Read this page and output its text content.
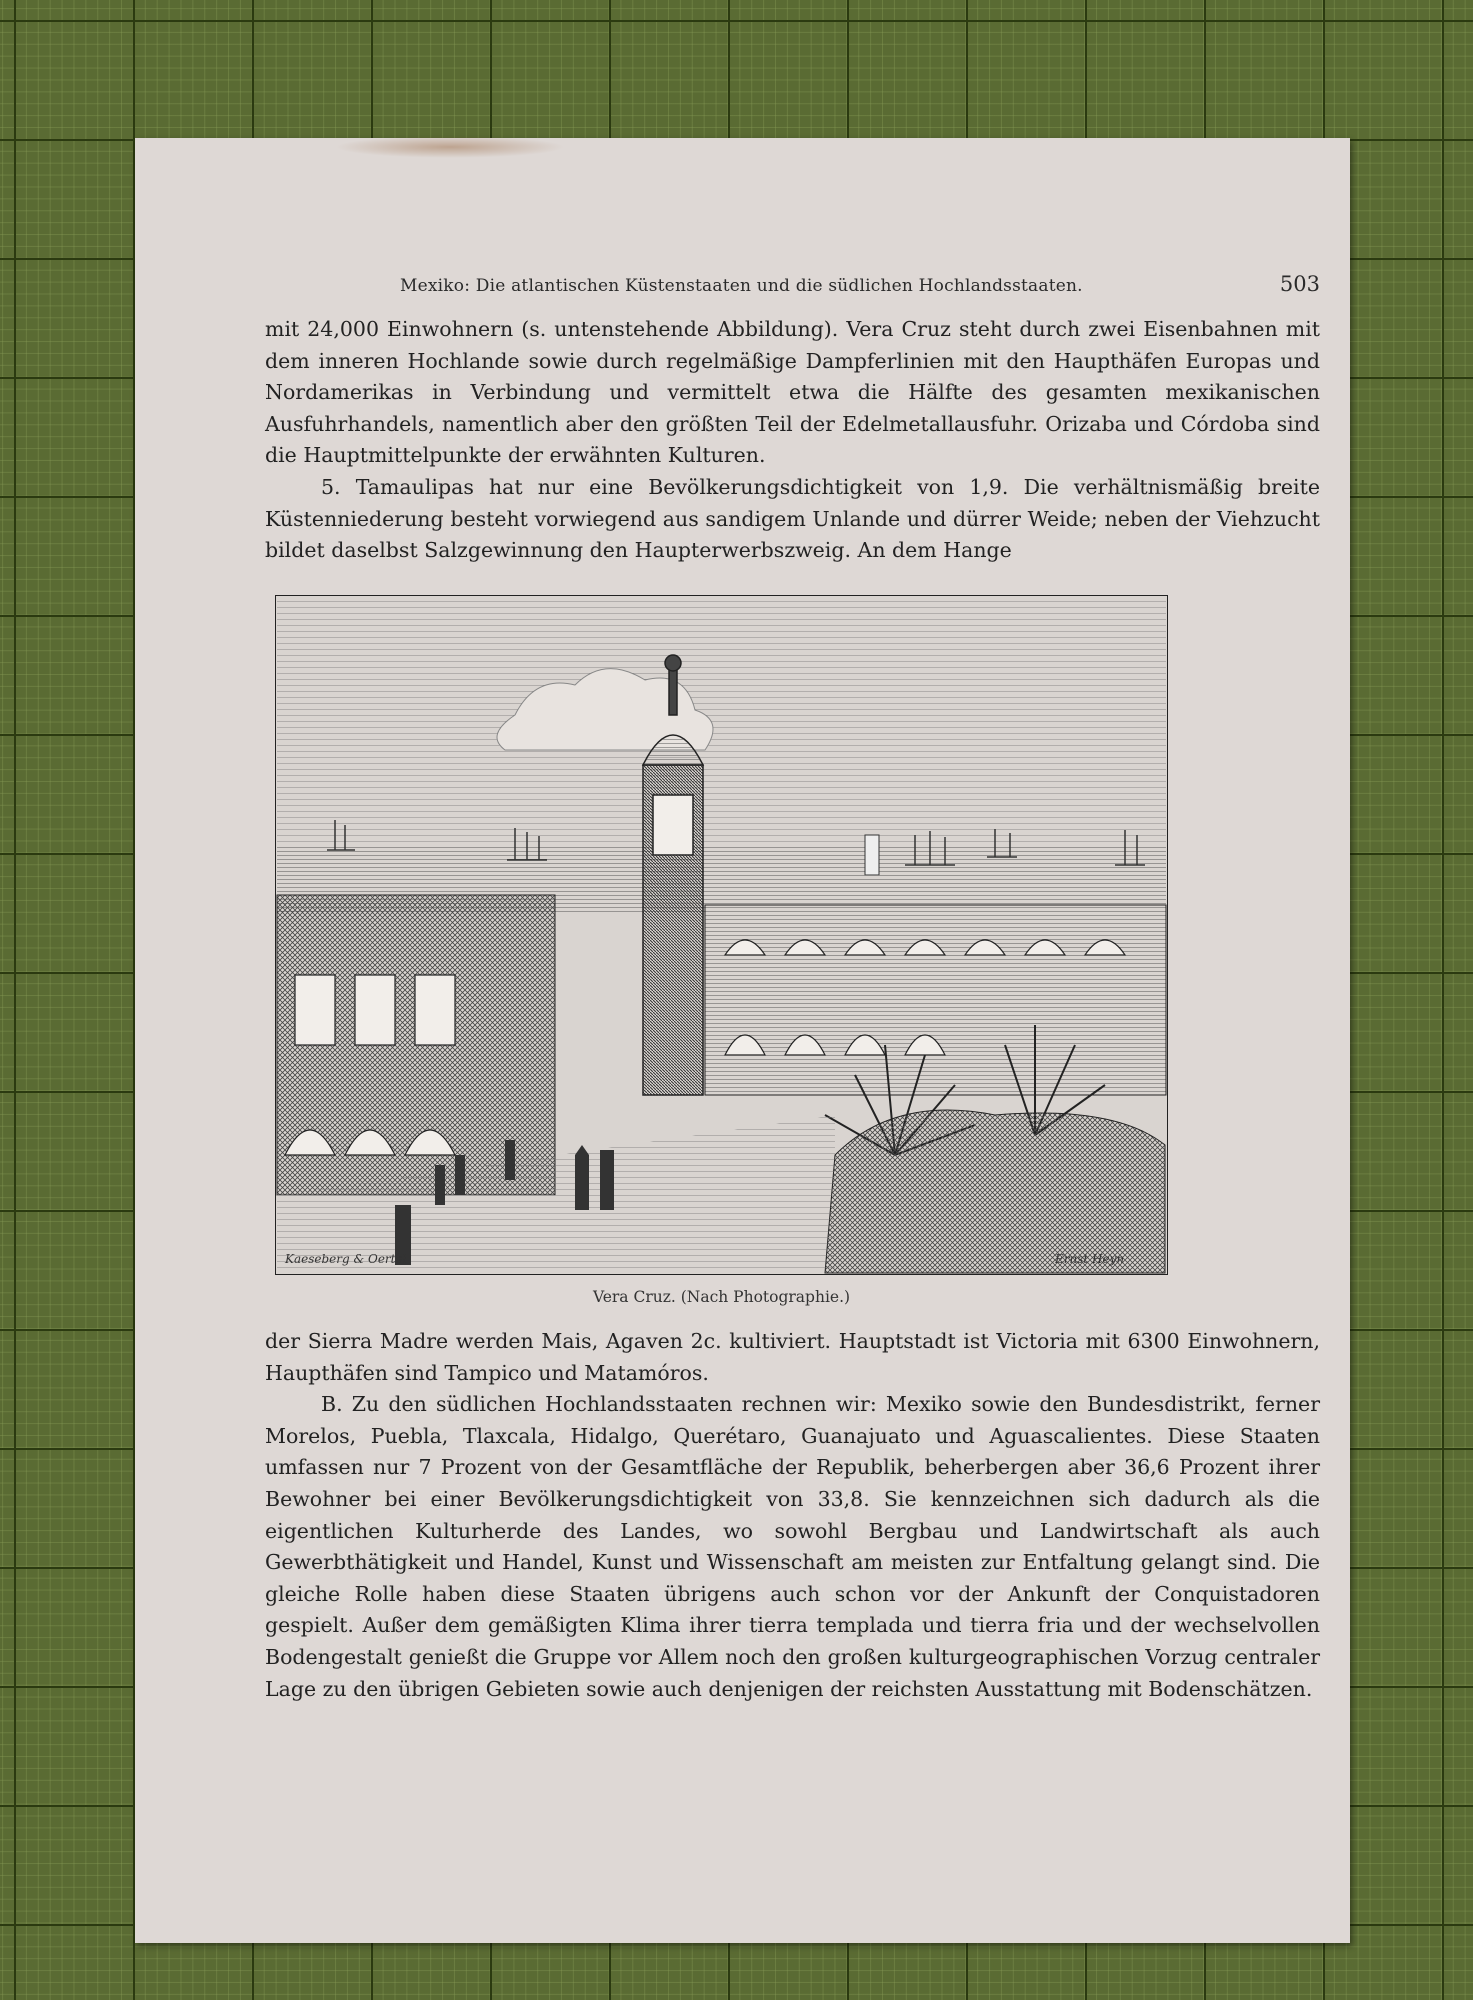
Mexiko: Die atlantischen Küstenstaaten und die südlichen Hochlandsstaaten.	503

mit 24,000 Einwohnern (s. untenstehende Abbildung). Vera Cruz steht durch zwei Eisenbahnen mit dem inneren Hochlande sowie durch regelmäßige Dampferlinien mit den Haupthäfen Europas und Nordamerikas in Verbindung und vermittelt etwa die Hälfte des gesamten mexikanischen Ausfuhrhandels, namentlich aber den größten Teil der Edelmetallausfuhr. Orizaba und Córdoba sind die Hauptmittelpunkte der erwähnten Kulturen.

5. Tamaulipas hat nur eine Bevölkerungsdichtigkeit von 1,9. Die verhältnismäßig breite Küstenniederung besteht vorwiegend aus sandigem Unlande und dürrer Weide; neben der Viehzucht bildet daselbst Salzgewinnung den Haupterwerbszweig. An dem Hange

Kaeseberg & Oertel	Ernst Heyn
Vera Cruz. (Nach Photographie.)

der Sierra Madre werden Mais, Agaven 2c. kultiviert. Hauptstadt ist Victoria mit 6300 Einwohnern, Haupthäfen sind Tampico und Matamóros.

B. Zu den südlichen Hochlandsstaaten rechnen wir: Mexiko sowie den Bundesdistrikt, ferner Morelos, Puebla, Tlaxcala, Hidalgo, Querétaro, Guanajuato und Aguascalientes. Diese Staaten umfassen nur 7 Prozent von der Gesamtfläche der Republik, beherbergen aber 36,6 Prozent ihrer Bewohner bei einer Bevölkerungsdichtigkeit von 33,8. Sie kennzeichnen sich dadurch als die eigentlichen Kulturherde des Landes, wo sowohl Bergbau und Landwirtschaft als auch Gewerbthätigkeit und Handel, Kunst und Wissenschaft am meisten zur Entfaltung gelangt sind. Die gleiche Rolle haben diese Staaten übrigens auch schon vor der Ankunft der Conquistadoren gespielt. Außer dem gemäßigten Klima ihrer tierra templada und tierra fria und der wechselvollen Bodengestalt genießt die Gruppe vor Allem noch den großen kulturgeographischen Vorzug centraler Lage zu den übrigen Gebieten sowie auch denjenigen der reichsten Ausstattung mit Bodenschätzen.
